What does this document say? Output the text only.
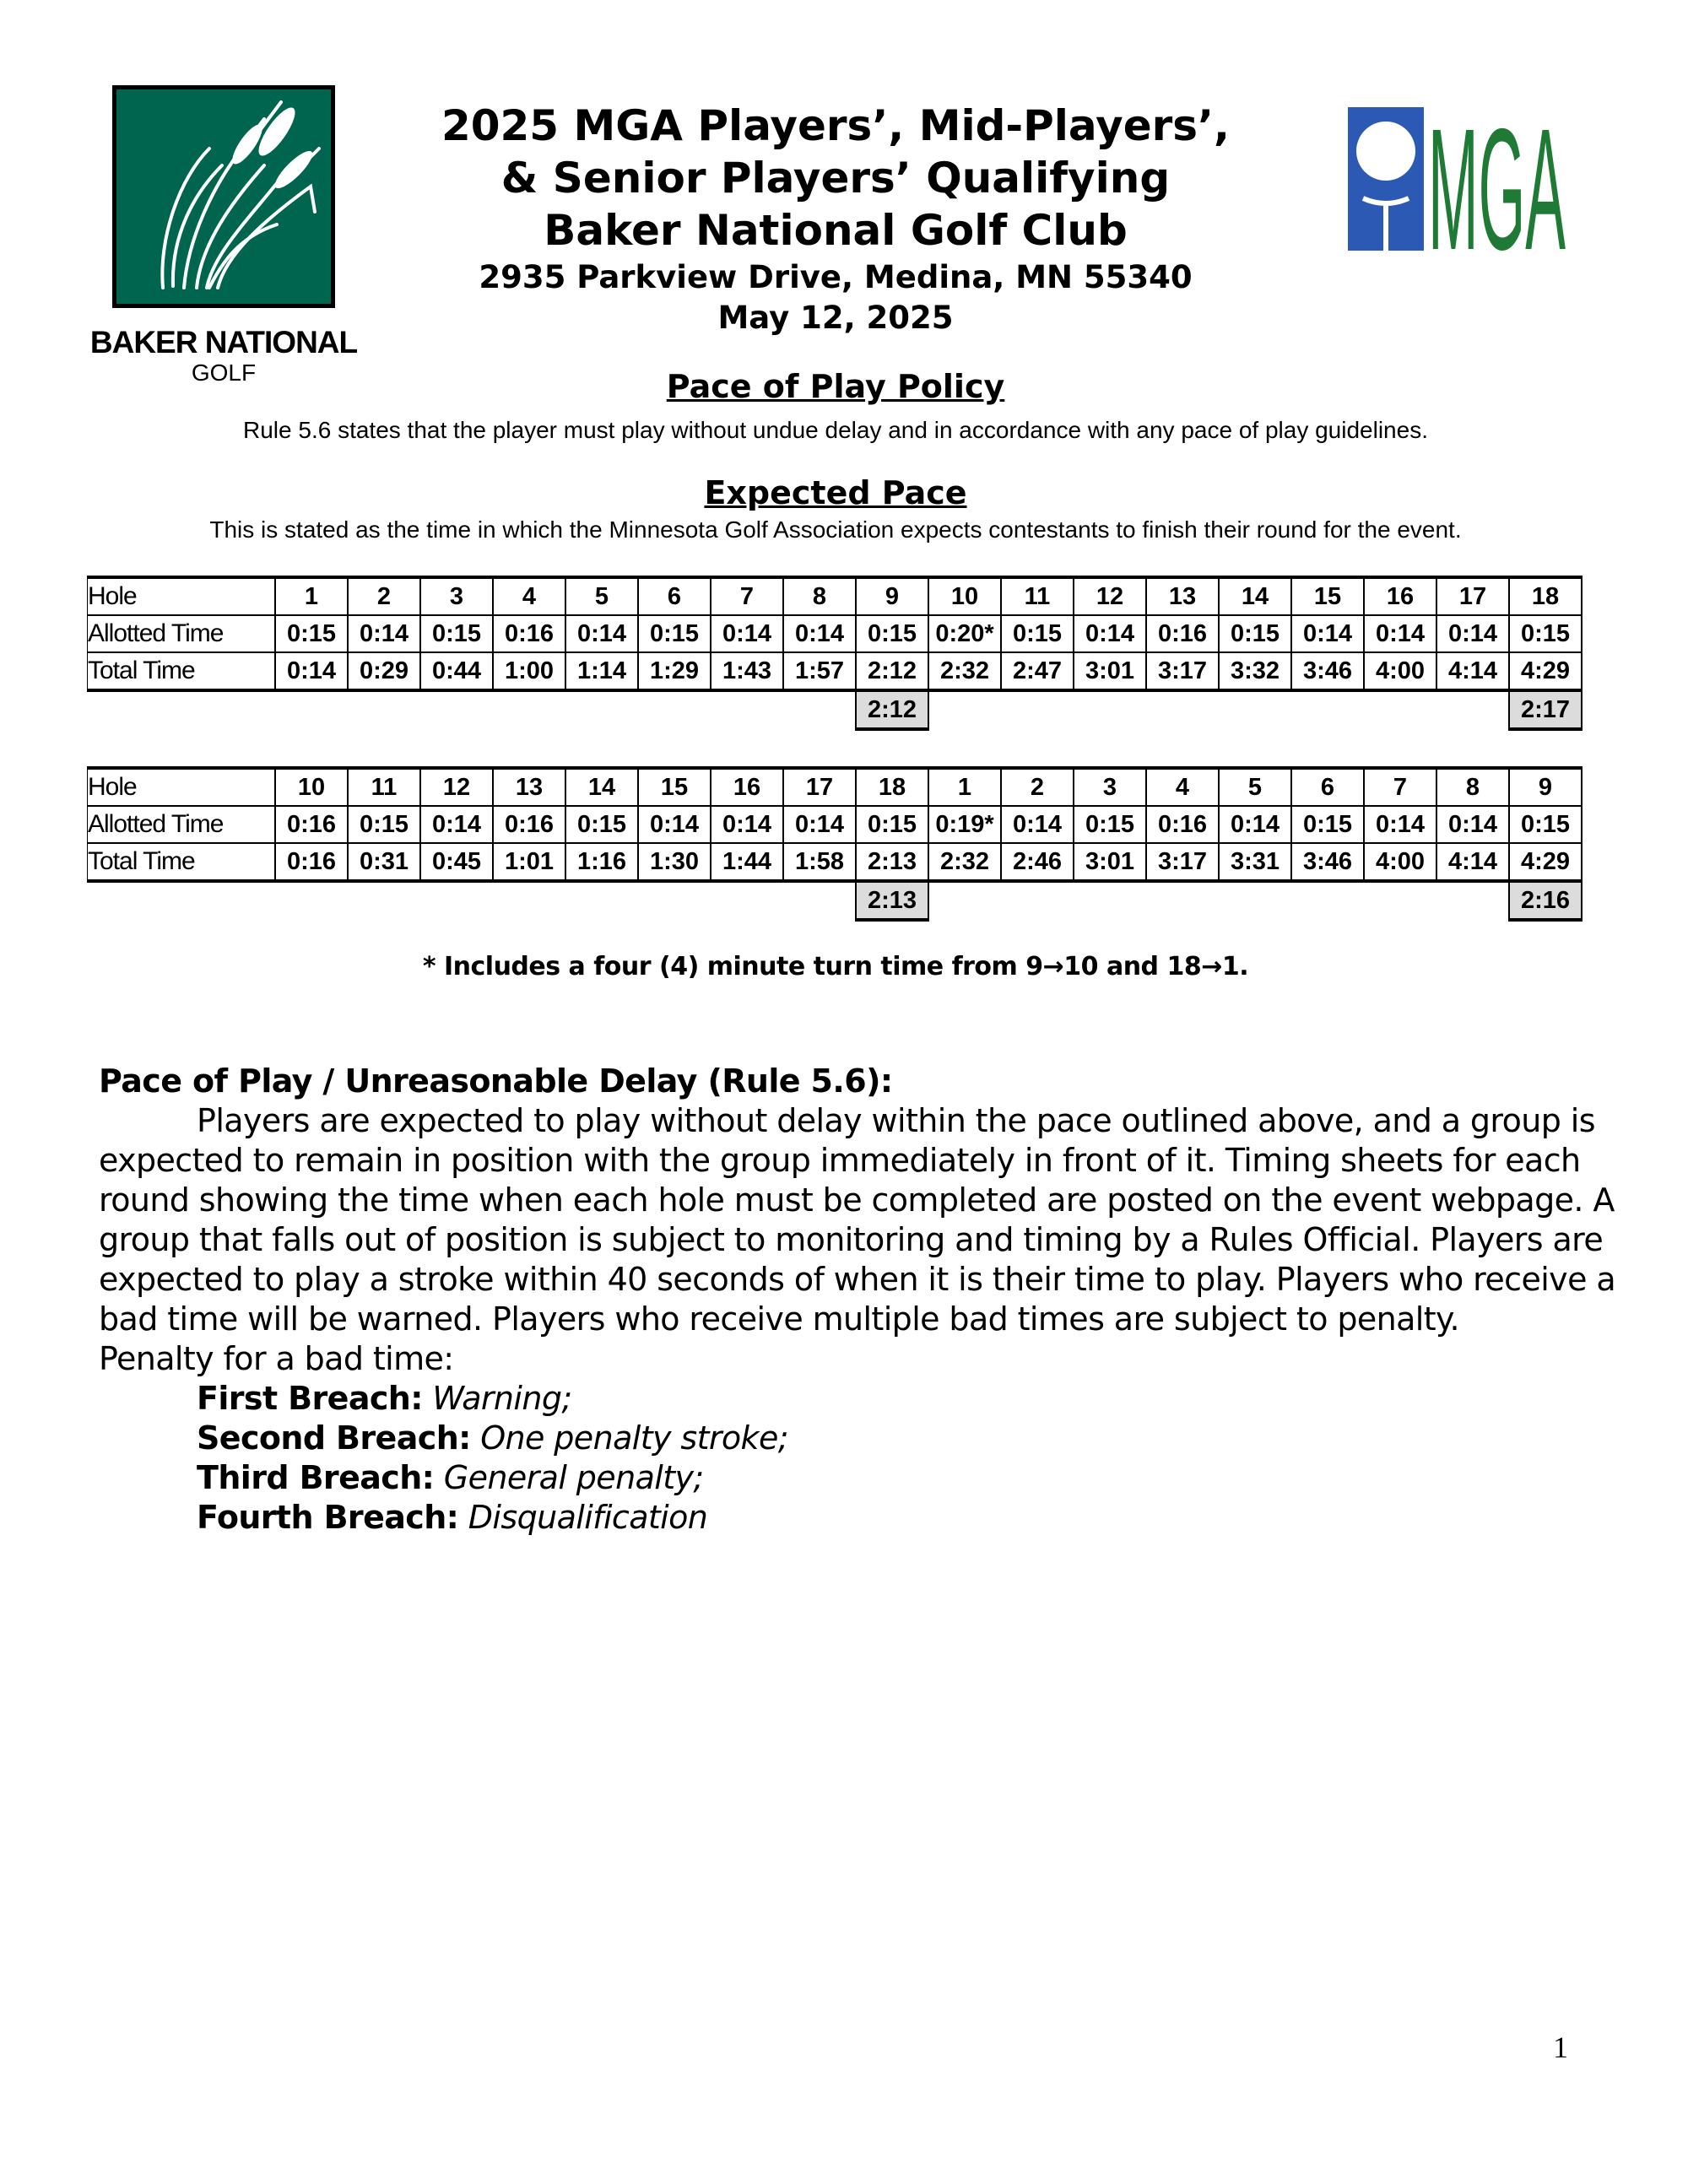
BAKER NATIONAL
GOLF
MGA
2025 MGA Players’, Mid-Players’,
& Senior Players’ Qualifying
Baker National Golf Club
2935 Parkview Drive, Medina, MN 55340
May 12, 2025
Pace of Play Policy
Rule 5.6 states that the player must play without undue delay and in accordance with any pace of play guidelines.
Expected Pace
This is stated as the time in which the Minnesota Golf Association expects contestants to finish their round for the event.
Hole	1	2	3	4	5	6	7	8	9	10	11	12	13	14	15	16	17	18
Allotted Time	0:15	0:14	0:15	0:16	0:14	0:15	0:14	0:14	0:15	0:20*	0:15	0:14	0:16	0:15	0:14	0:14	0:14	0:15
Total Time	0:14	0:29	0:44	1:00	1:14	1:29	1:43	1:57	2:12	2:32	2:47	3:01	3:17	3:32	3:46	4:00	4:14	4:29
									2:12									2:17
Hole	10	11	12	13	14	15	16	17	18	1	2	3	4	5	6	7	8	9
Allotted Time	0:16	0:15	0:14	0:16	0:15	0:14	0:14	0:14	0:15	0:19*	0:14	0:15	0:16	0:14	0:15	0:14	0:14	0:15
Total Time	0:16	0:31	0:45	1:01	1:16	1:30	1:44	1:58	2:13	2:32	2:46	3:01	3:17	3:31	3:46	4:00	4:14	4:29
									2:13									2:16
* Includes a four (4) minute turn time from 9→10 and 18→1.

Pace of Play / Unreasonable Delay (Rule 5.6):

Players are expected to play without delay within the pace outlined above, and a group is expected to remain in position with the group immediately in front of it. Timing sheets for each round showing the time when each hole must be completed are posted on the event webpage. A group that falls out of position is subject to monitoring and timing by a Rules Official. Players are expected to play a stroke within 40 seconds of when it is their time to play. Players who receive a bad time will be warned. Players who receive multiple bad times are subject to penalty.

Penalty for a bad time:

First Breach: Warning;

Second Breach: One penalty stroke;

Third Breach: General penalty;

Fourth Breach: Disqualification

1
